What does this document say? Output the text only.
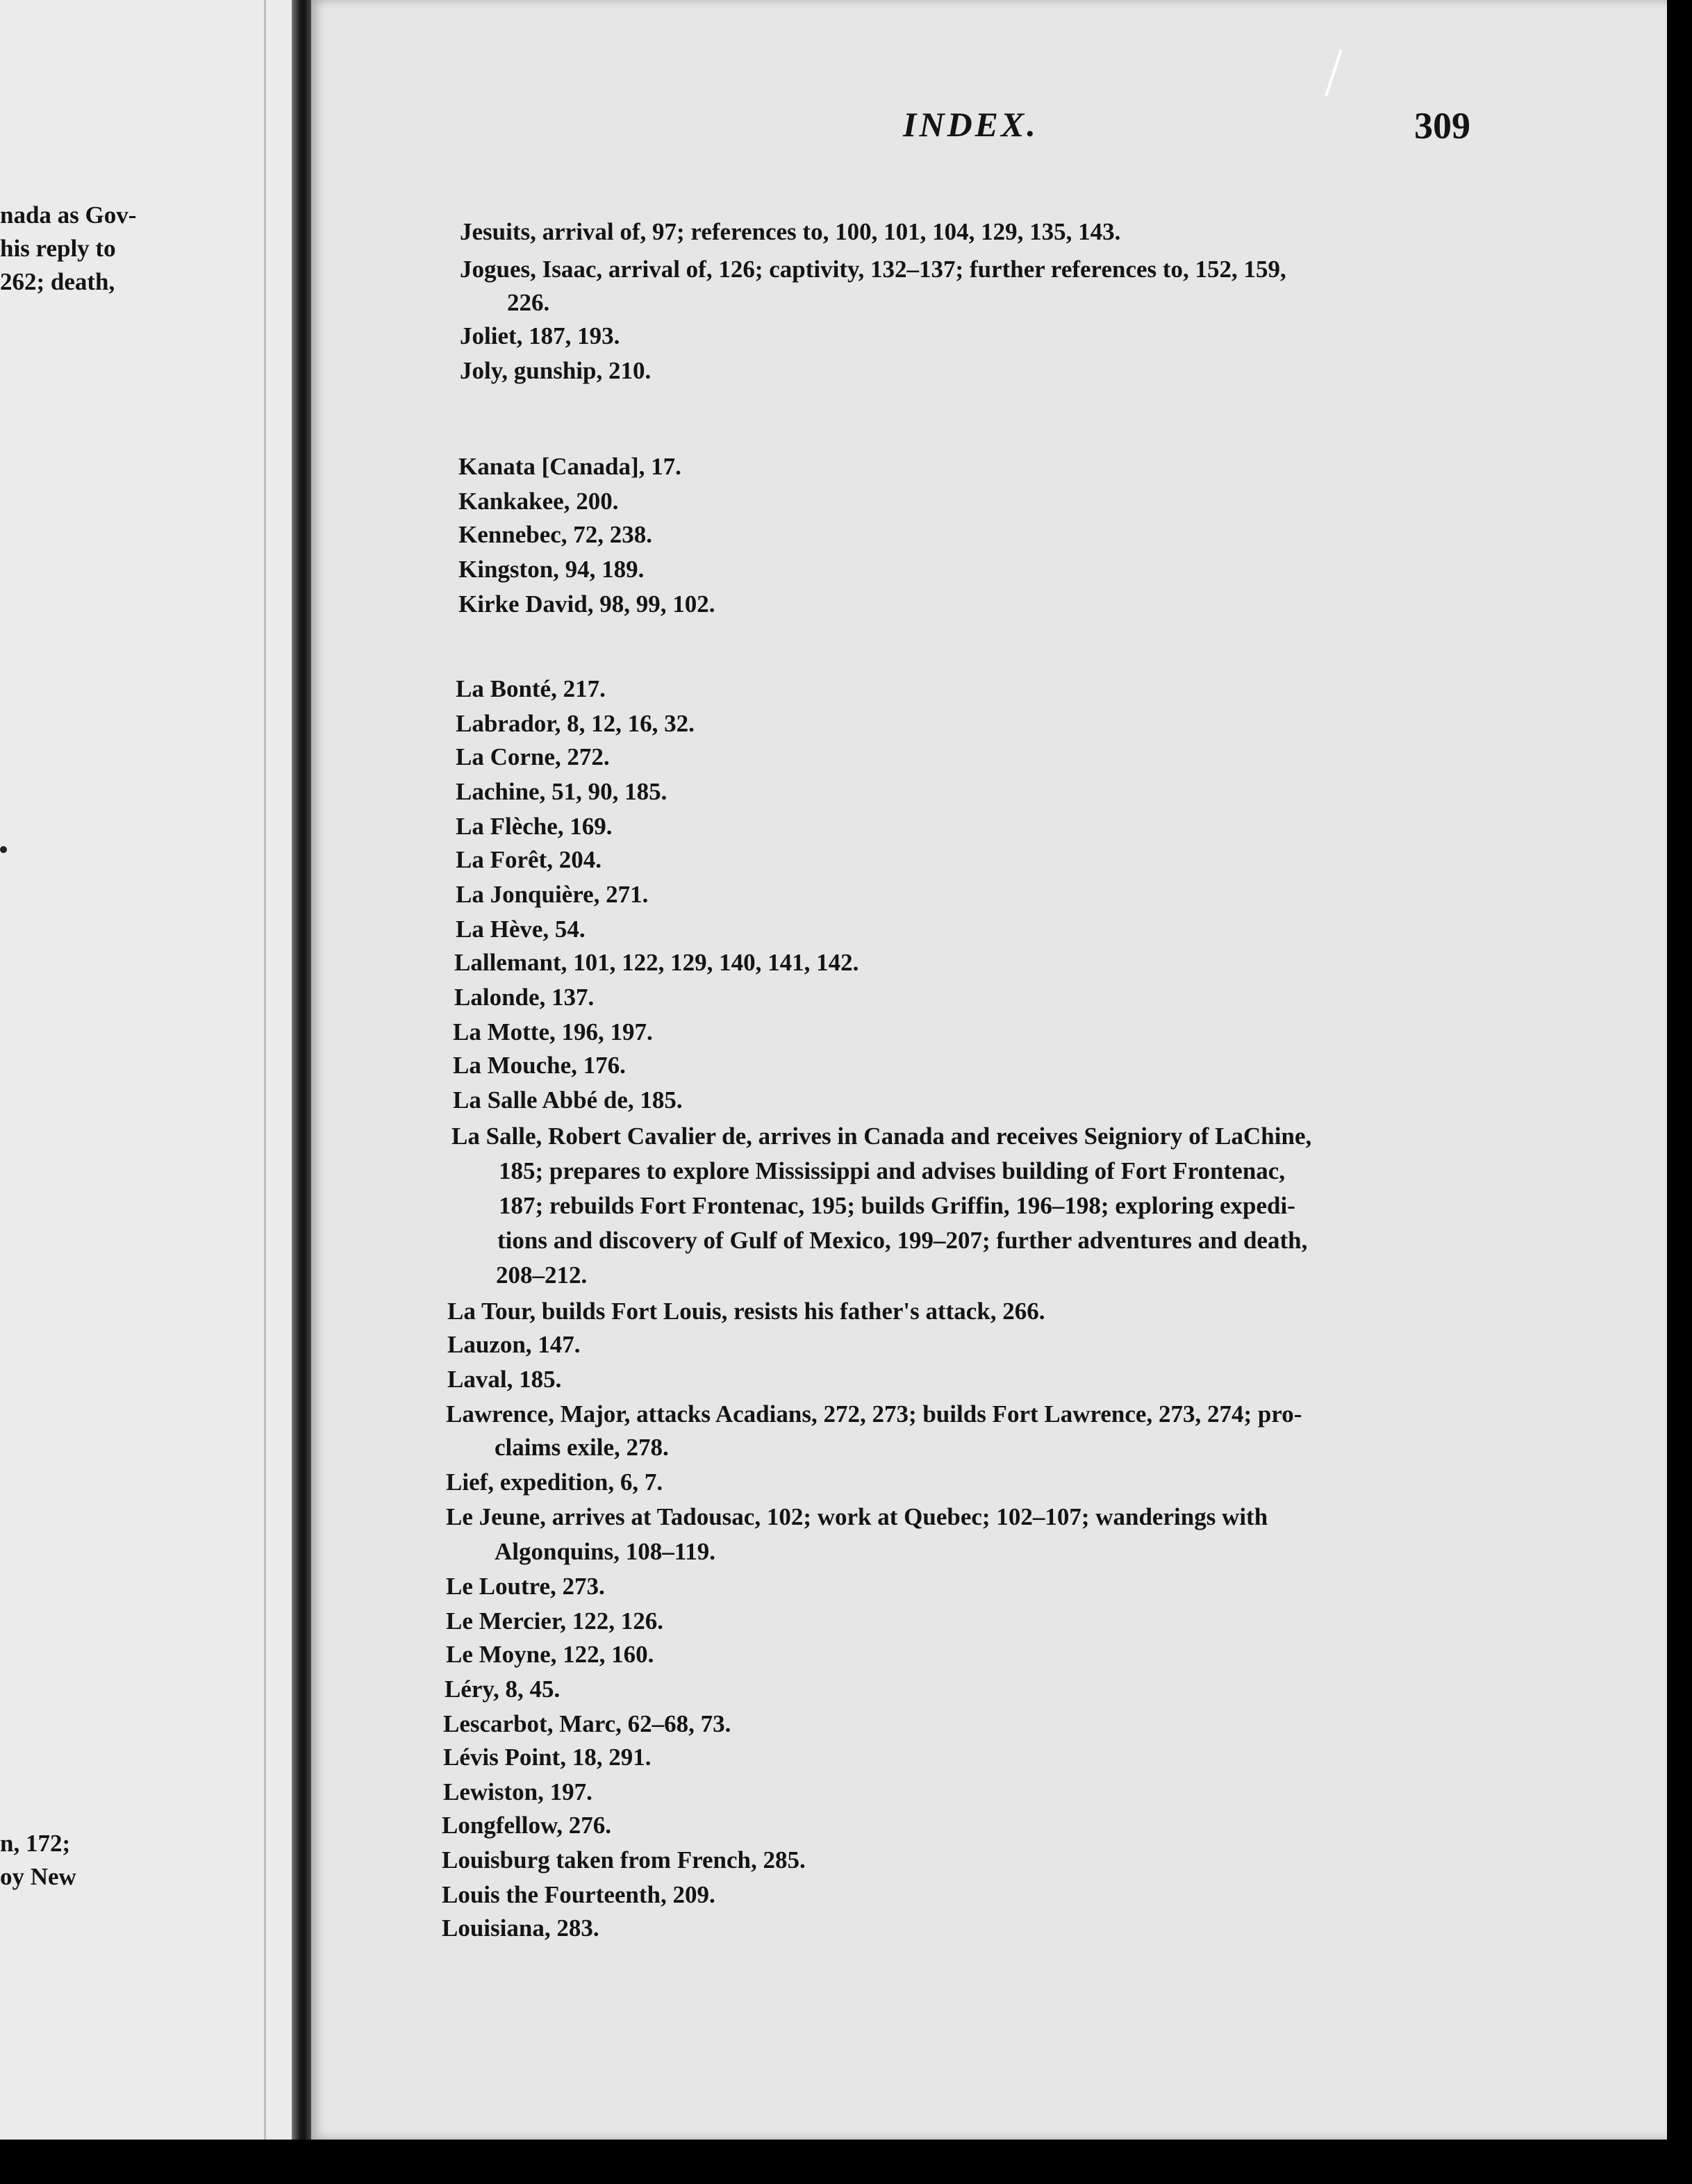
nada as Gov-
his reply to
262; death,
n, 172;
oy New
INDEX.	309
Jesuits, arrival of, 97; references to, 100, 101, 104, 129, 135, 143.
Jogues, Isaac, arrival of, 126; captivity, 132–137; further references to, 152, 159,
226.
Joliet, 187, 193.
Joly, gunship, 210.
Kanata [Canada], 17.
Kankakee, 200.
Kennebec, 72, 238.
Kingston, 94, 189.
Kirke David, 98, 99, 102.
La Bonté, 217.
Labrador, 8, 12, 16, 32.
La Corne, 272.
Lachine, 51, 90, 185.
La Flèche, 169.
La Forêt, 204.
La Jonquière, 271.
La Hève, 54.
Lallemant, 101, 122, 129, 140, 141, 142.
Lalonde, 137.
La Motte, 196, 197.
La Mouche, 176.
La Salle Abbé de, 185.
La Salle, Robert Cavalier de, arrives in Canada and receives Seigniory of LaChine,
185; prepares to explore Mississippi and advises building of Fort Frontenac,
187; rebuilds Fort Frontenac, 195; builds Griffin, 196–198; exploring expedi-
tions and discovery of Gulf of Mexico, 199–207; further adventures and death,
208–212.
La Tour, builds Fort Louis, resists his father's attack, 266.
Lauzon, 147.
Laval, 185.
Lawrence, Major, attacks Acadians, 272, 273; builds Fort Lawrence, 273, 274; pro-
claims exile, 278.
Lief, expedition, 6, 7.
Le Jeune, arrives at Tadousac, 102; work at Quebec; 102–107; wanderings with
Algonquins, 108–119.
Le Loutre, 273.
Le Mercier, 122, 126.
Le Moyne, 122, 160.
Léry, 8, 45.
Lescarbot, Marc, 62–68, 73.
Lévis Point, 18, 291.
Lewiston, 197.
Longfellow, 276.
Louisburg taken from French, 285.
Louis the Fourteenth, 209.
Louisiana, 283.
